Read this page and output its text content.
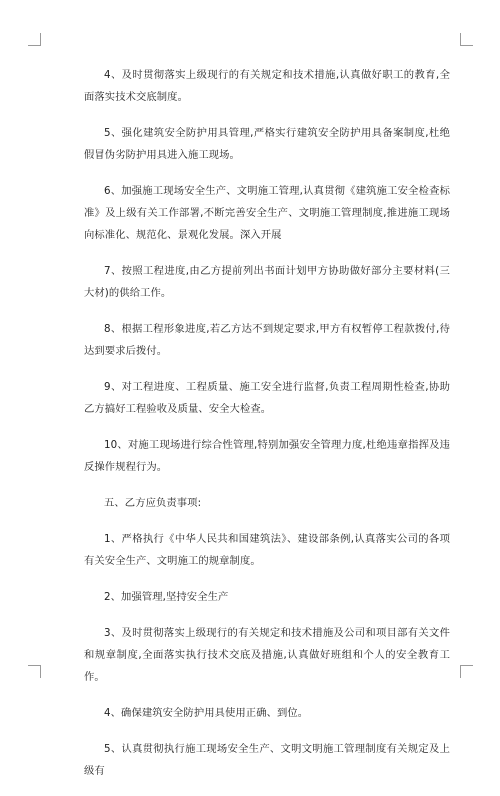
4、及时贯彻落实上级现行的有关规定和技术措施,认真做好职工的教育,全面落实技术交底制度。

5、强化建筑安全防护用具管理,严格实行建筑安全防护用具备案制度,杜绝假冒伪劣防护用具进入施工现场。

6、加强施工现场安全生产、文明施工管理,认真贯彻《建筑施工安全检查标准》及上级有关工作部署,不断完善安全生产、文明施工管理制度,推进施工现场向标准化、规范化、景观化发展。深入开展

7、按照工程进度,由乙方提前列出书面计划甲方协助做好部分主要材料(三大材)的供给工作。

8、根据工程形象进度,若乙方达不到规定要求,甲方有权暂停工程款拨付,待达到要求后拨付。

9、对工程进度、工程质量、施工安全进行监督,负责工程周期性检查,协助乙方搞好工程验收及质量、安全大检查。

10、对施工现场进行综合性管理,特别加强安全管理力度,杜绝违章指挥及违反操作规程行为。

五、乙方应负责事项:

1、严格执行《中华人民共和国建筑法》、建设部条例,认真落实公司的各项有关安全生产、文明施工的规章制度。

2、加强管理,坚持安全生产

3、及时贯彻落实上级现行的有关规定和技术措施及公司和项目部有关文件和规章制度,全面落实执行技术交底及措施,认真做好班组和个人的安全教育工作。

4、确保建筑安全防护用具使用正确、到位。

5、认真贯彻执行施工现场安全生产、文明文明施工管理制度有关规定及上级有
